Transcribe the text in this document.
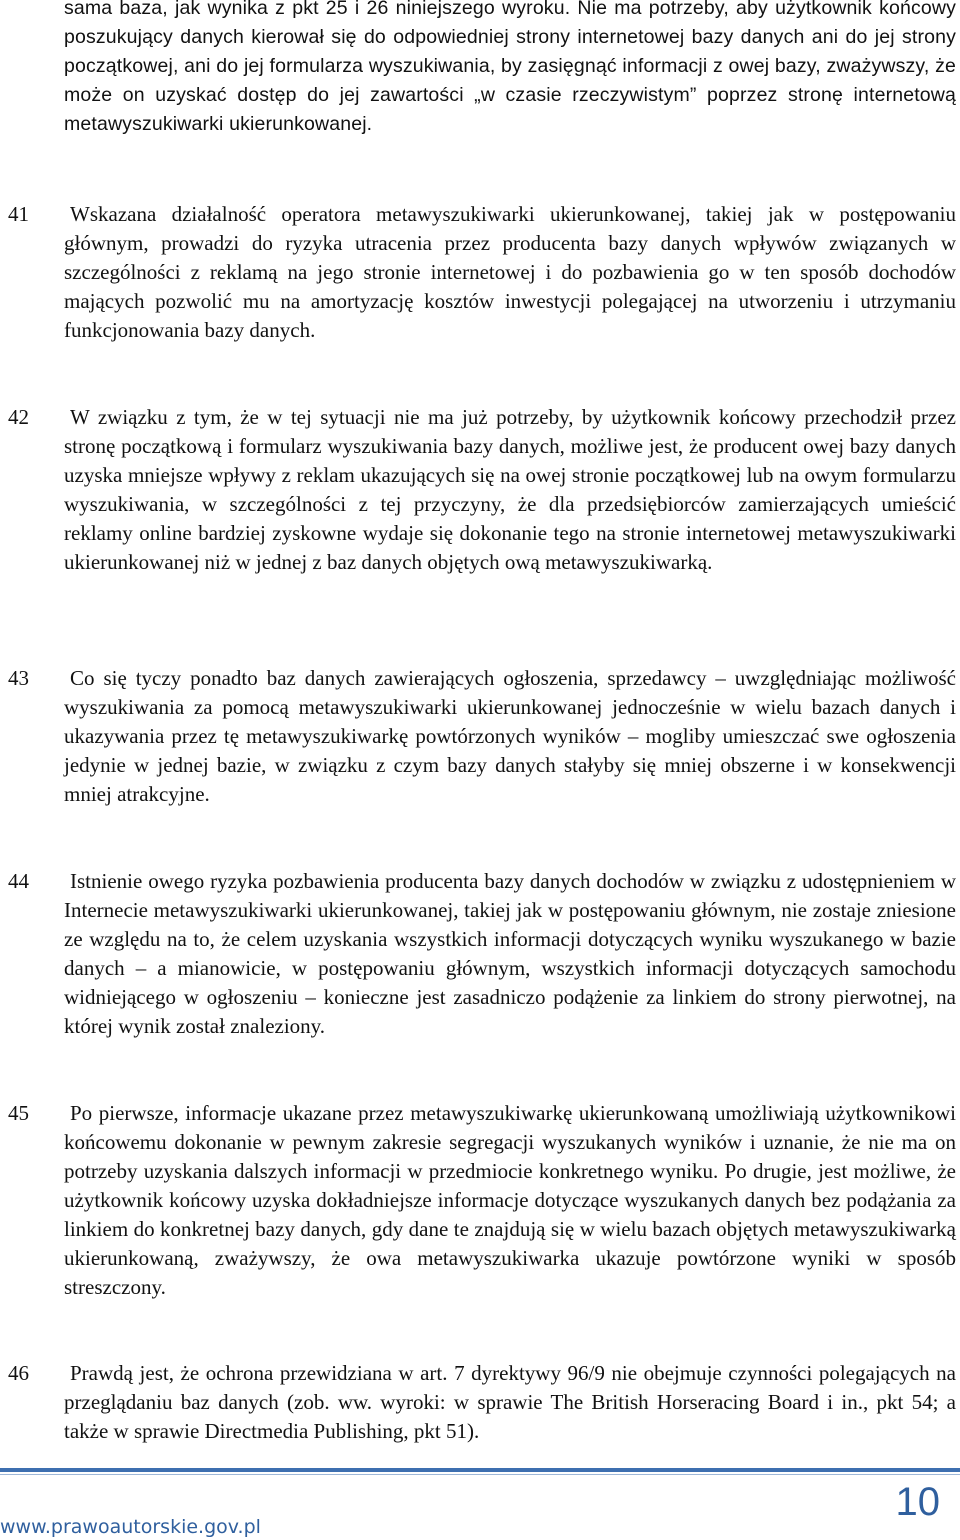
sama baza, jak wynika z pkt 25 i 26 niniejszego wyroku. Nie ma potrzeby, aby użytkownik końcowy poszukujący danych kierował się do odpowiedniej strony internetowej bazy danych ani do jej strony początkowej, ani do jej formularza wyszukiwania, by zasięgnąć informacji z owej bazy, zważywszy, że może on uzyskać dostęp do jej zawartości „w czasie rzeczywistym” poprzez stronę internetową metawyszukiwarki ukierunkowanej.

41 Wskazana działalność operatora metawyszukiwarki ukierunkowanej, takiej jak w postępowaniu głównym, prowadzi do ryzyka utracenia przez producenta bazy danych wpływów związanych w szczególności z reklamą na jego stronie internetowej i do pozbawienia go w ten sposób dochodów mających pozwolić mu na amortyzację kosztów inwestycji polegającej na utworzeniu i utrzymaniu funkcjonowania bazy danych.

42 W związku z tym, że w tej sytuacji nie ma już potrzeby, by użytkownik końcowy przechodził przez stronę początkową i formularz wyszukiwania bazy danych, możliwe jest, że producent owej bazy danych uzyska mniejsze wpływy z reklam ukazujących się na owej stronie początkowej lub na owym formularzu wyszukiwania, w szczególności z tej przyczyny, że dla przedsiębiorców zamierzających umieścić reklamy online bardziej zyskowne wydaje się dokonanie tego na stronie internetowej metawyszukiwarki ukierunkowanej niż w jednej z baz danych objętych ową metawyszukiwarką.

43 Co się tyczy ponadto baz danych zawierających ogłoszenia, sprzedawcy – uwzględniając możliwość wyszukiwania za pomocą metawyszukiwarki ukierunkowanej jednocześnie w wielu bazach danych i ukazywania przez tę metawyszukiwarkę powtórzonych wyników – mogliby umieszczać swe ogłoszenia jedynie w jednej bazie, w związku z czym bazy danych stałyby się mniej obszerne i w konsekwencji mniej atrakcyjne.

44 Istnienie owego ryzyka pozbawienia producenta bazy danych dochodów w związku z udostępnieniem w Internecie metawyszukiwarki ukierunkowanej, takiej jak w postępowaniu głównym, nie zostaje zniesione ze względu na to, że celem uzyskania wszystkich informacji dotyczących wyniku wyszukanego w bazie danych – a mianowicie, w postępowaniu głównym, wszystkich informacji dotyczących samochodu widniejącego w ogłoszeniu – konieczne jest zasadniczo podążenie za linkiem do strony pierwotnej, na której wynik został znaleziony.

45 Po pierwsze, informacje ukazane przez metawyszukiwarkę ukierunkowaną umożliwiają użytkownikowi końcowemu dokonanie w pewnym zakresie segregacji wyszukanych wyników i uznanie, że nie ma on potrzeby uzyskania dalszych informacji w przedmiocie konkretnego wyniku. Po drugie, jest możliwe, że użytkownik końcowy uzyska dokładniejsze informacje dotyczące wyszukanych danych bez podążania za linkiem do konkretnej bazy danych, gdy dane te znajdują się w wielu bazach objętych metawyszukiwarką ukierunkowaną, zważywszy, że owa metawyszukiwarka ukazuje powtórzone wyniki w sposób streszczony.

46 Prawdą jest, że ochrona przewidziana w art. 7 dyrektywy 96/9 nie obejmuje czynności polegających na przeglądaniu baz danych (zob. ww. wyroki: w sprawie The British Horseracing Board i in., pkt 54; a także w sprawie Directmedia Publishing, pkt 51).

10

www.prawoautorskie.gov.pl
